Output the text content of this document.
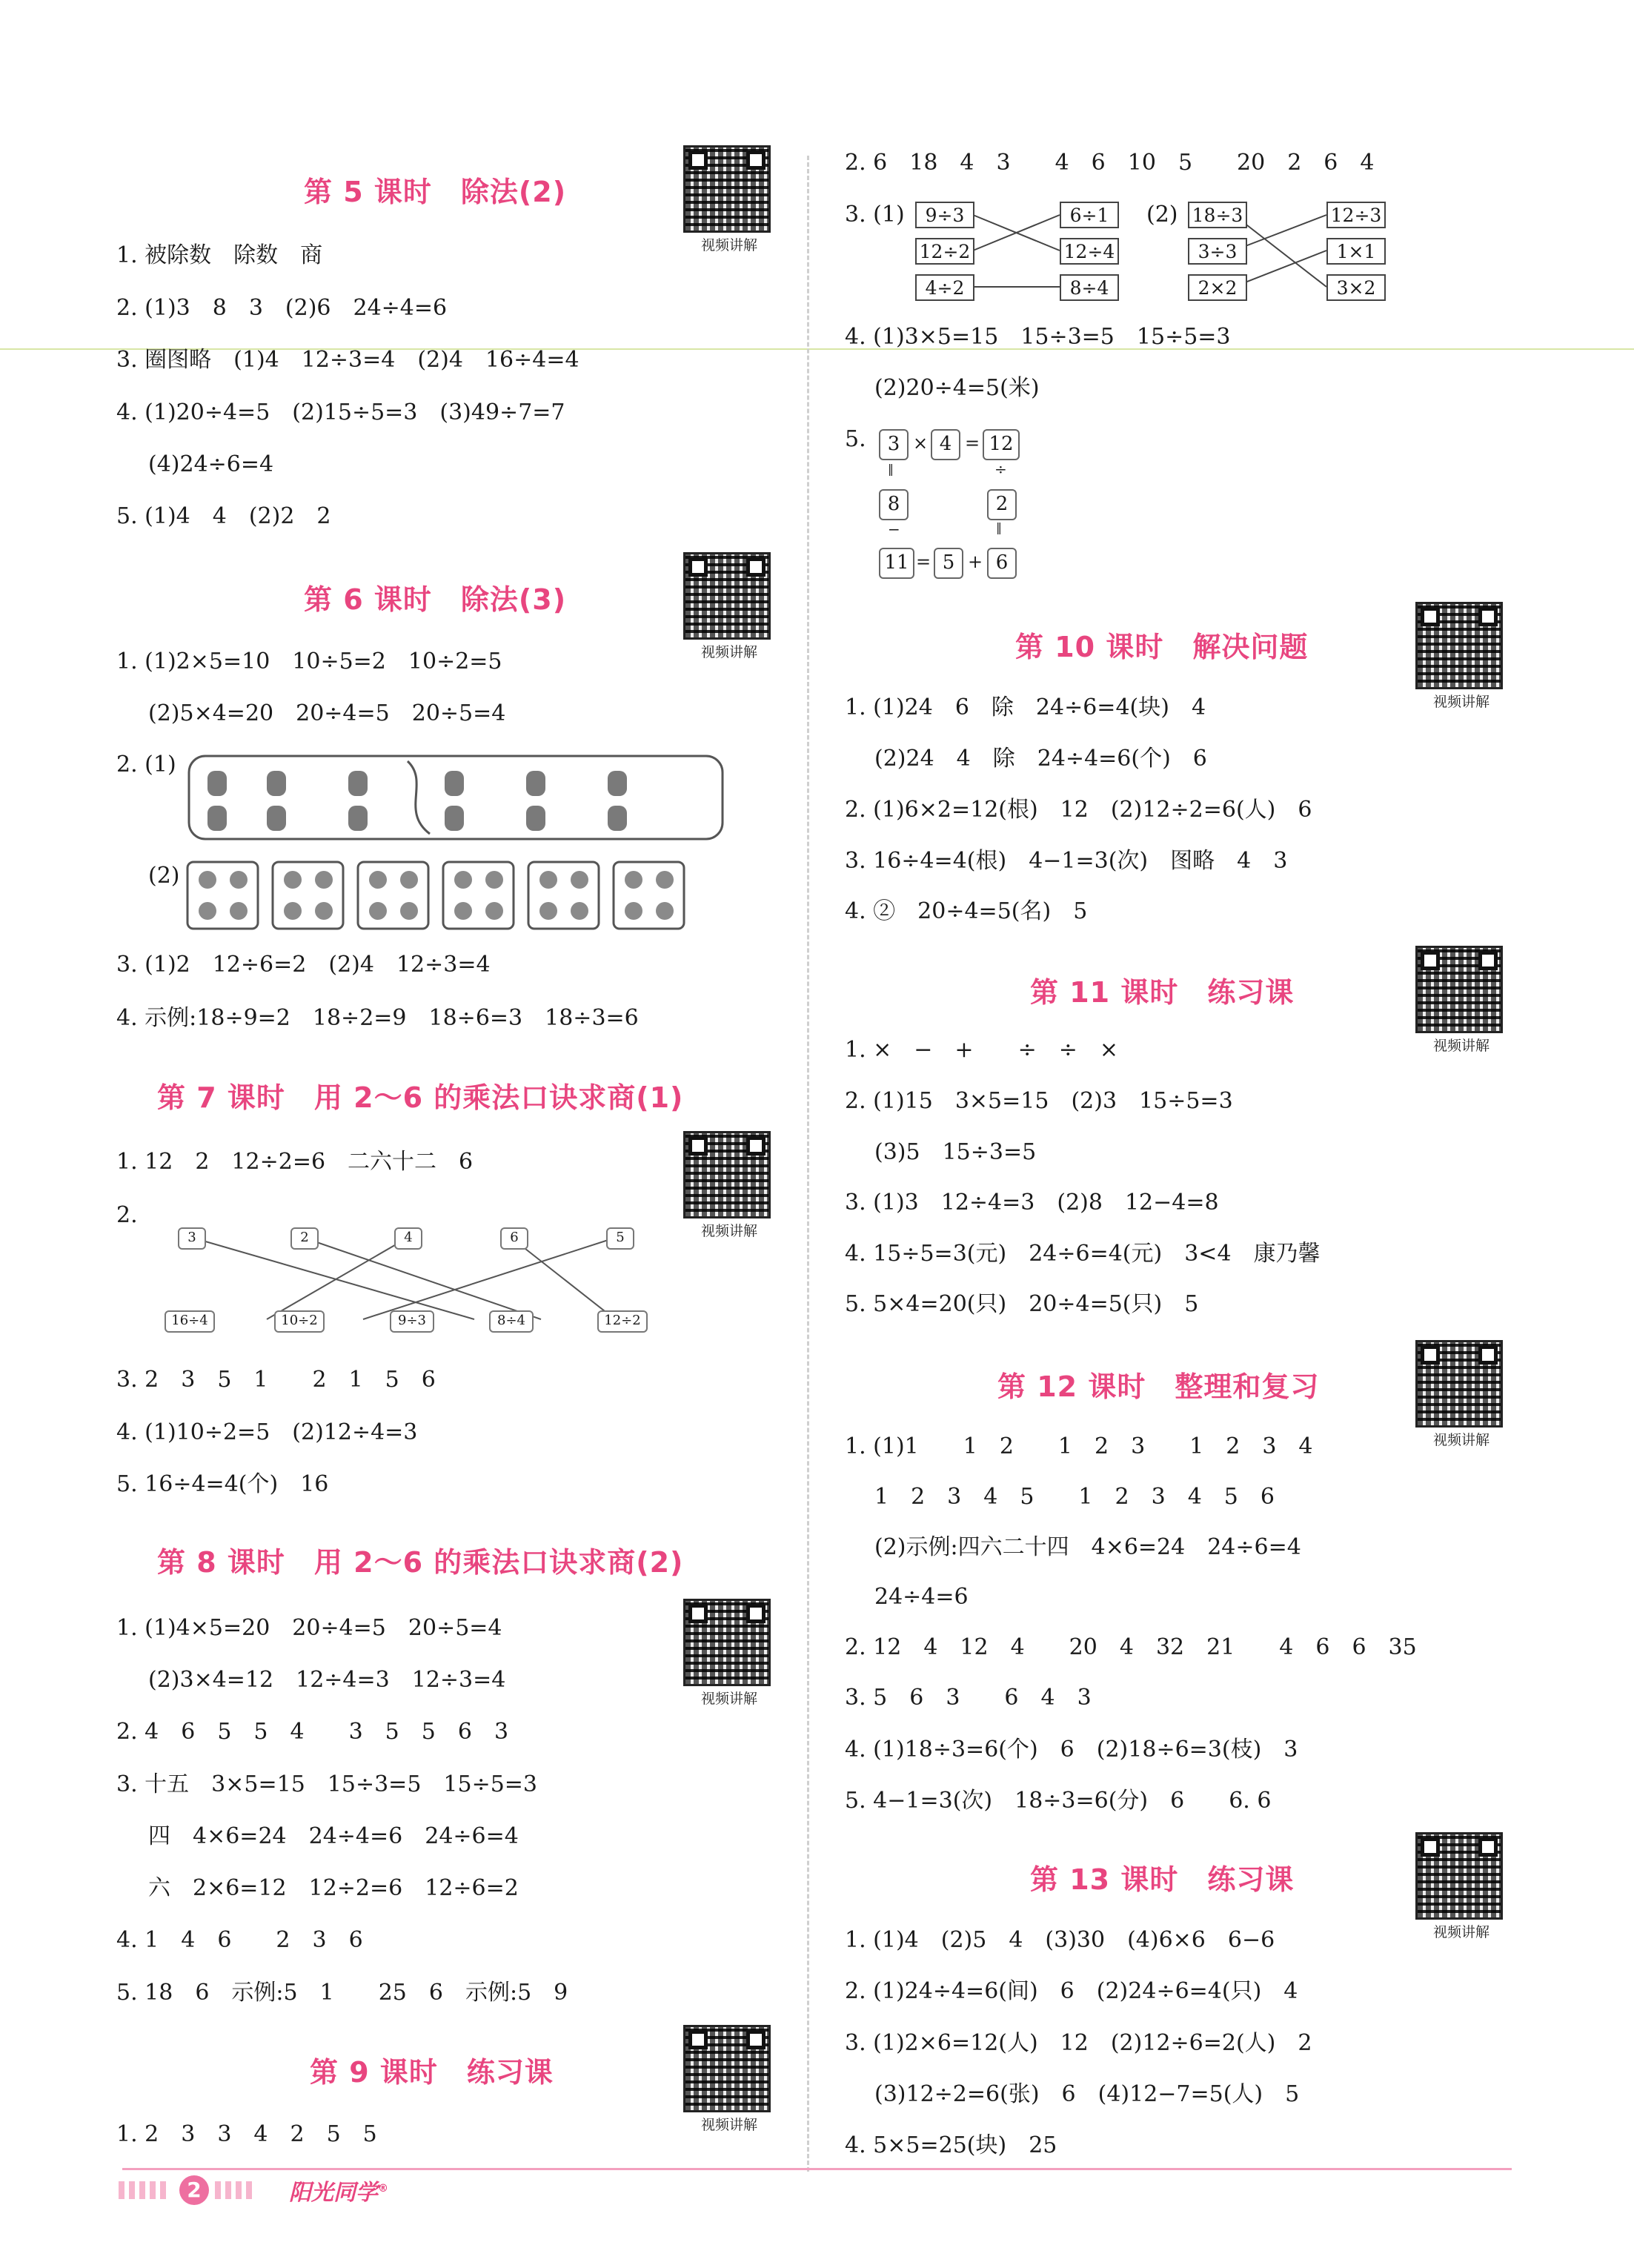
第 5 课时　除法(2)
视频讲解
1. 被除数　除数　商
2. (1)3　8　3　(2)6　24÷4=6
3. 圈图略　(1)4　12÷3=4　(2)4　16÷4=4
4. (1)20÷4=5　(2)15÷5=3　(3)49÷7=7
(4)24÷6=4
5. (1)4　4　(2)2　2
第 6 课时　除法(3)
视频讲解
1. (1)2×5=10　10÷5=2　10÷2=5
(2)5×4=20　20÷4=5　20÷5=4
2. (1)
(2)
3. (1)2　12÷6=2　(2)4　12÷3=4
4. 示例:18÷9=2　18÷2=9　18÷6=3　18÷3=6
第 7 课时　用 2～6 的乘法口诀求商(1)
1. 12　2　12÷2=6　二六十二　6
视频讲解
2.
3	2	4	6	5
16÷4	10÷2	9÷3	8÷4	12÷2
3. 2　3　5　1　　2　1　5　6
4. (1)10÷2=5　(2)12÷4=3
5. 16÷4=4(个)　16
第 8 课时　用 2～6 的乘法口诀求商(2)
视频讲解
1. (1)4×5=20　20÷4=5　20÷5=4
(2)3×4=12　12÷4=3　12÷3=4
2. 4　6　5　5　4　　3　5　5　6　3
3. 十五　3×5=15　15÷3=5　15÷5=3
四　4×6=24　24÷4=6　24÷6=4
六　2×6=12　12÷2=6　12÷6=2
4. 1　4　6　　2　3　6
5. 18　6　示例:5　1　　25　6　示例:5　9
第 9 课时　练习课
视频讲解
1. 2　3　3　4　2　5　5
2. 6　18　4　3　　4　6　10　5　　20　2　6　4
3. (1)	(2)
9÷3
12÷2
4÷2
6÷1
12÷4
8÷4
18÷3
3÷3
2×2
12÷3
1×1
3×2
4. (1)3×5=15　15÷3=5　15÷5=3
(2)20÷4=5(米)
5.	3 × 4 = 12
‖	÷
8	2
−	‖
11 = 5 + 6
第 10 课时　解决问题
视频讲解
1. (1)24　6　除　24÷6=4(块)　4
(2)24　4　除　24÷4=6(个)　6
2. (1)6×2=12(根)　12　(2)12÷2=6(人)　6
3. 16÷4=4(根)　4−1=3(次)　图略　4　3
4. ②　20÷4=5(名)　5
第 11 课时　练习课
视频讲解
1. ×　−　+　　÷　÷　×
2. (1)15　3×5=15　(2)3　15÷5=3
(3)5　15÷3=5
3. (1)3　12÷4=3　(2)8　12−4=8
4. 15÷5=3(元)　24÷6=4(元)　3<4　康乃馨
5. 5×4=20(只)　20÷4=5(只)　5
第 12 课时　整理和复习
视频讲解
1. (1)1　　1　2　　1　2　3　　1　2　3　4
1　2　3　4　5　　1　2　3　4　5　6
(2)示例:四六二十四　4×6=24　24÷6=4
24÷4=6
2. 12　4　12　4　　20　4　32　21　　4　6　6　35
3. 5　6　3　　6　4　3
4. (1)18÷3=6(个)　6　(2)18÷6=3(枝)　3
5. 4−1=3(次)　18÷3=6(分)　6　　6. 6
第 13 课时　练习课
视频讲解
1. (1)4　(2)5　4　(3)30　(4)6×6　6−6
2. (1)24÷4=6(间)　6　(2)24÷6=4(只)　4
3. (1)2×6=12(人)　12　(2)12÷6=2(人)　2
(3)12÷2=6(张)　6　(4)12−7=5(人)　5
4. 5×5=25(块)　25
2	阳光同学®
